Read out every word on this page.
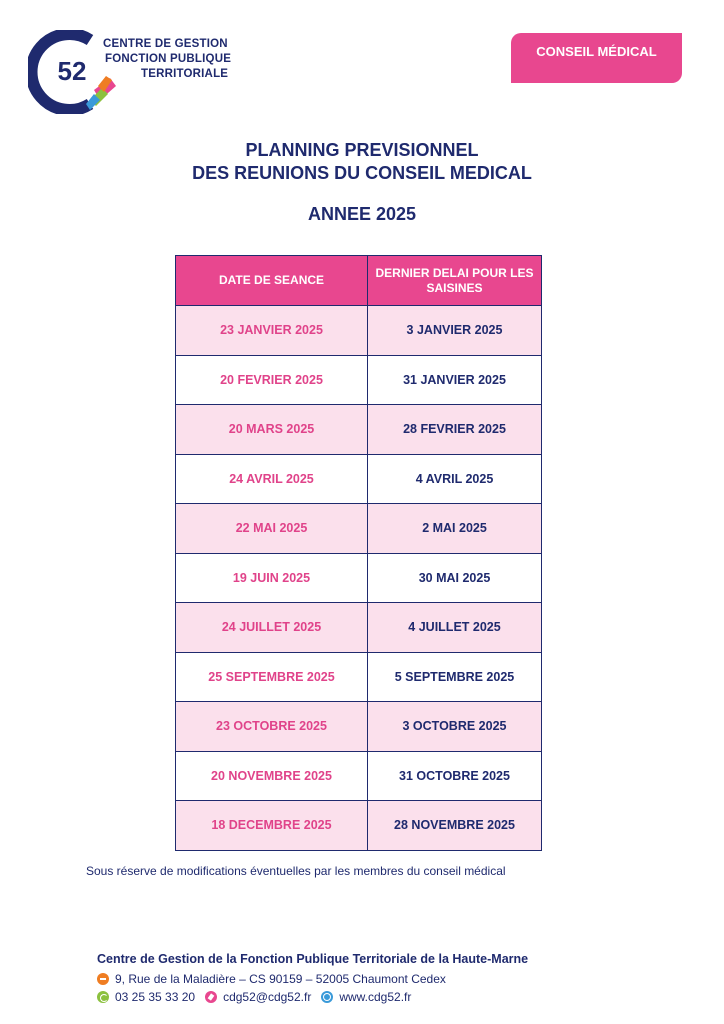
52
CENTRE DE GESTION
FONCTION PUBLIQUE
TERRITORIALE
CONSEIL MÉDICAL
PLANNING PREVISIONNEL
DES REUNIONS DU CONSEIL MEDICAL
ANNEE 2025
DATE DE SEANCE	DERNIER DELAI POUR LES SAISINES
23 JANVIER 2025	3 JANVIER 2025
20 FEVRIER 2025	31 JANVIER 2025
20 MARS 2025	28 FEVRIER 2025
24 AVRIL 2025	4 AVRIL 2025
22 MAI 2025	2 MAI 2025
19 JUIN 2025	30 MAI 2025
24 JUILLET 2025	4 JUILLET 2025
25 SEPTEMBRE 2025	5 SEPTEMBRE 2025
23 OCTOBRE 2025	3 OCTOBRE 2025
20 NOVEMBRE 2025	31 OCTOBRE 2025
18 DECEMBRE 2025	28 NOVEMBRE 2025
Sous réserve de modifications éventuelles par les membres du conseil médical
Centre de Gestion de la Fonction Publique Territoriale de la Haute-Marne
9, Rue de la Maladière – CS 90159 – 52005 Chaumont Cedex
03 25 35 33 20 cdg52@cdg52.fr www.cdg52.fr
